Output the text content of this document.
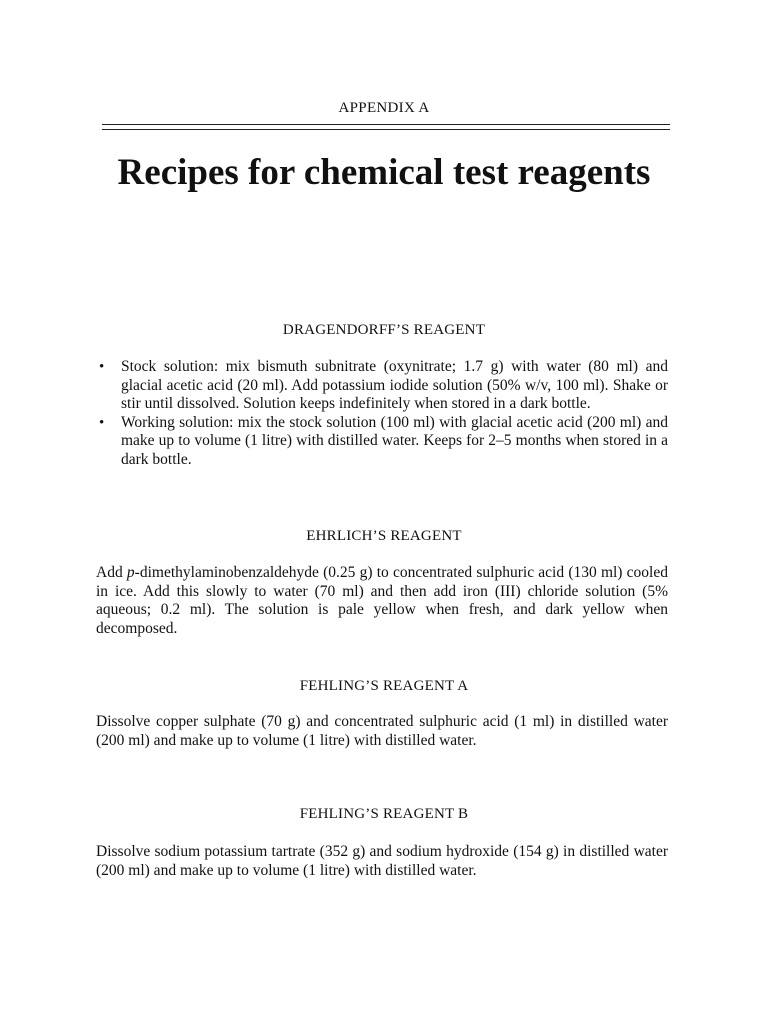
APPENDIX A
Recipes for chemical test reagents
DRAGENDORFF’S REAGENT
• Stock solution: mix bismuth subnitrate (oxynitrate; 1.7 g) with water (80 ml) and glacial acetic acid (20 ml). Add potassium iodide solution (50% w/v, 100 ml). Shake or stir until dissolved. Solution keeps indefinitely when stored in a dark bottle.
• Working solution: mix the stock solution (100 ml) with glacial acetic acid (200 ml) and make up to volume (1 litre) with distilled water. Keeps for 2–5 months when stored in a dark bottle.
EHRLICH’S REAGENT

Add p-dimethylaminobenzaldehyde (0.25 g) to concentrated sulphuric acid (130 ml) cooled in ice. Add this slowly to water (70 ml) and then add iron (III) chloride solution (5% aqueous; 0.2 ml). The solution is pale yellow when fresh, and dark yellow when decomposed.

FEHLING’S REAGENT A

Dissolve copper sulphate (70 g) and concentrated sulphuric acid (1 ml) in distilled water (200 ml) and make up to volume (1 litre) with distilled water.

FEHLING’S REAGENT B

Dissolve sodium potassium tartrate (352 g) and sodium hydroxide (154 g) in distilled water (200 ml) and make up to volume (1 litre) with distilled water.
